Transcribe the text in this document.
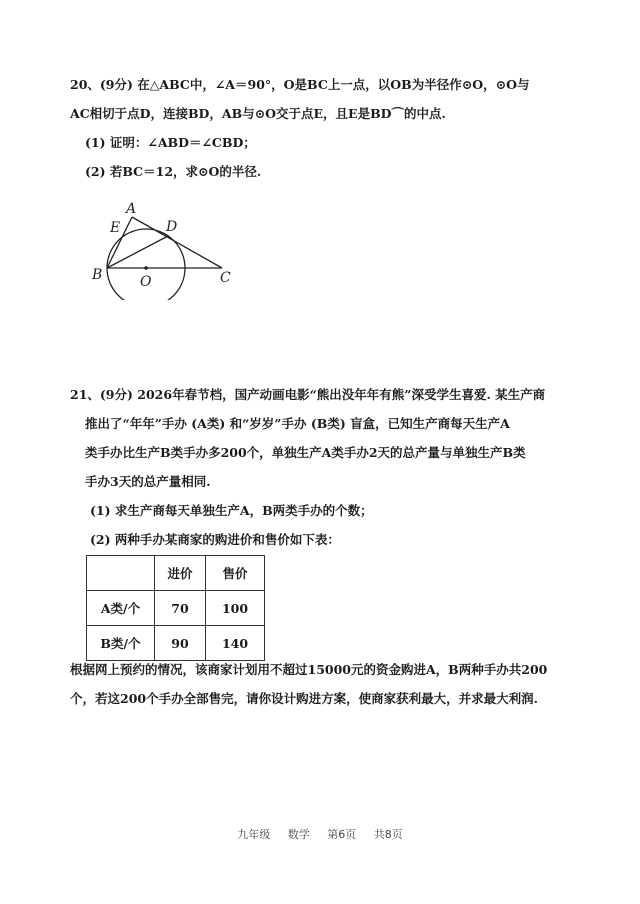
20、(9分) 在△ABC中，∠A＝90°，O是BC上一点，以OB为半径作⊙O，⊙O与
AC相切于点D，连接BD，AB与⊙O交于点E，且E是BD⌒的中点.
(1) 证明：∠ABD＝∠CBD；
(2) 若BC＝12，求⊙O的半径.
A
E	D
B	O	C
21、(9分) 2026年春节档，国产动画电影“熊出没年年有熊”深受学生喜爱. 某生产商
推出了“年年”手办 (A类) 和“岁岁”手办 (B类) 盲盒，已知生产商每天生产A
类手办比生产B类手办多200个，单独生产A类手办2天的总产量与单独生产B类
手办3天的总产量相同.
(1) 求生产商每天单独生产A，B两类手办的个数；
(2) 两种手办某商家的购进价和售价如下表：
	进价	售价
A类/个	70	100
B类/个	90	140
根据网上预约的情况，该商家计划用不超过15000元的资金购进A，B两种手办共200
个，若这200个手办全部售完，请你设计购进方案，使商家获利最大，并求最大利润.
九年级 数学 第6页 共8页
